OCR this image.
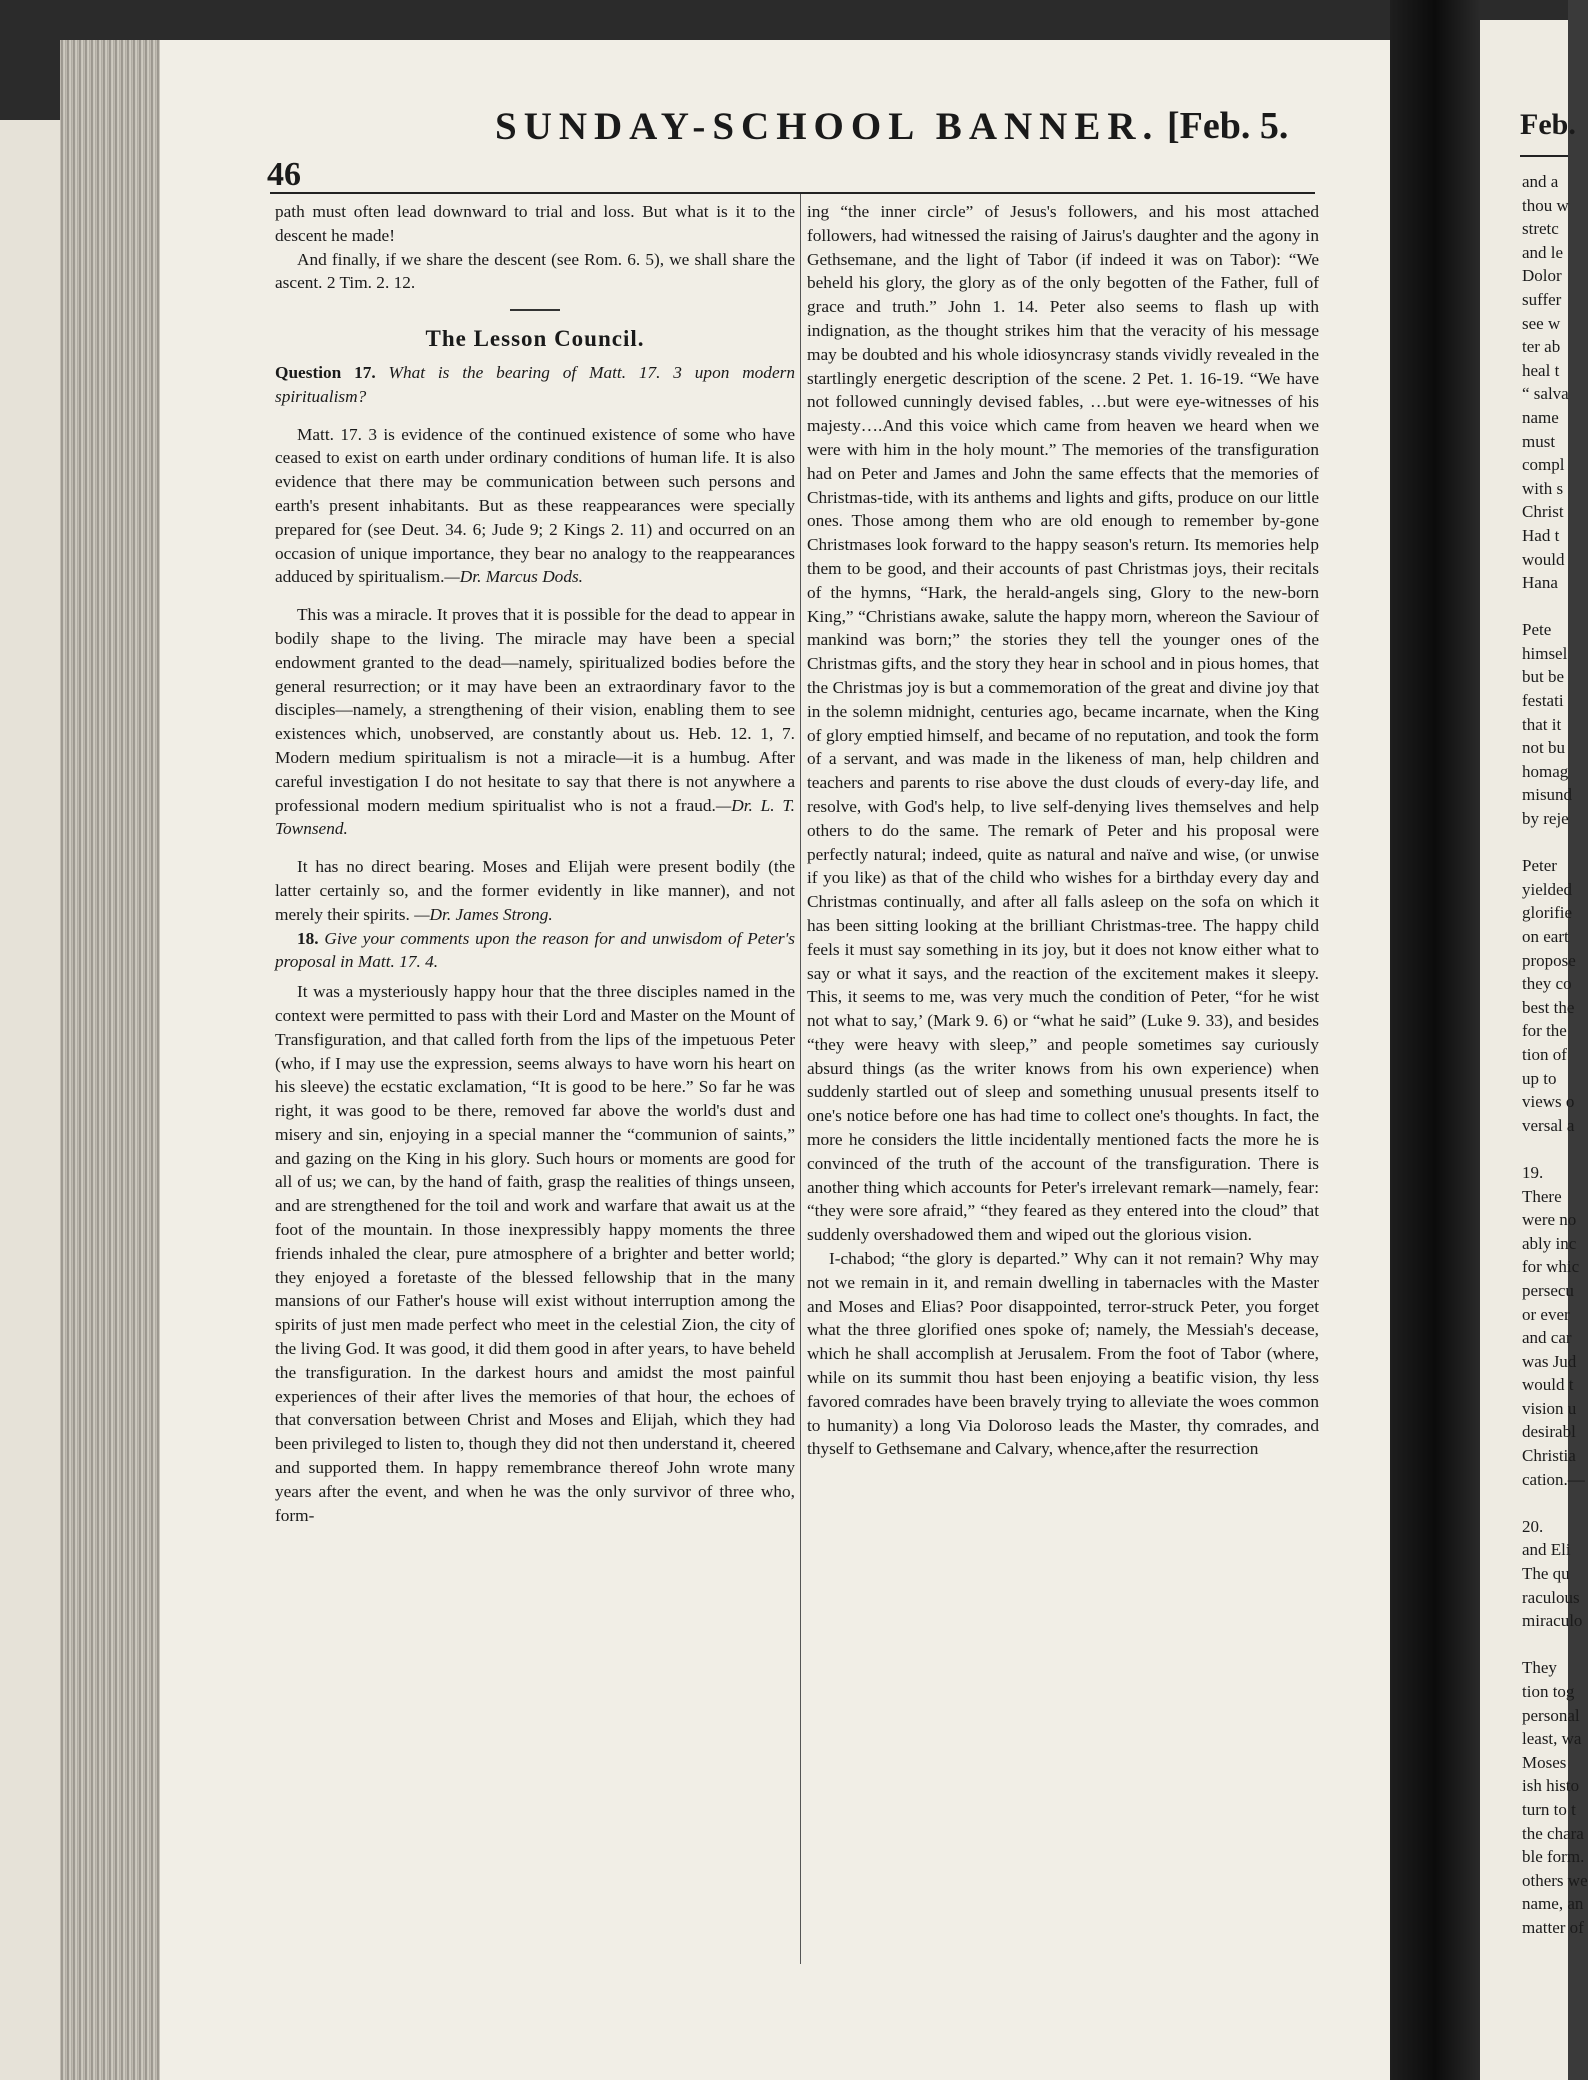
46
SUNDAY-SCHOOL BANNER. [Feb. 5.

path must often lead downward to trial and loss. But what is it to the descent he made!

And finally, if we share the descent (see Rom. 6. 5), we shall share the ascent. 2 Tim. 2. 12.

The Lesson Council.

Question 17. What is the bearing of Matt. 17. 3 upon modern spiritualism?

Matt. 17. 3 is evidence of the continued existence of some who have ceased to exist on earth under ordinary conditions of human life. It is also evidence that there may be communication between such persons and earth's present inhabitants. But as these reappearances were specially prepared for (see Deut. 34. 6; Jude 9; 2 Kings 2. 11) and occurred on an occasion of unique importance, they bear no analogy to the reappearances adduced by spiritualism.—Dr. Marcus Dods.

This was a miracle. It proves that it is possible for the dead to appear in bodily shape to the living. The miracle may have been a special endowment granted to the dead—namely, spiritualized bodies before the general resurrection; or it may have been an extraordinary favor to the disciples—namely, a strengthening of their vision, enabling them to see existences which, unobserved, are constantly about us. Heb. 12. 1, 7. Modern medium spiritualism is not a miracle—it is a humbug. After careful investigation I do not hesitate to say that there is not anywhere a professional modern medium spiritualist who is not a fraud.—Dr. L. T. Townsend.

It has no direct bearing. Moses and Elijah were present bodily (the latter certainly so, and the former evidently in like manner), and not merely their spirits. —Dr. James Strong.

18. Give your comments upon the reason for and unwisdom of Peter's proposal in Matt. 17. 4.

It was a mysteriously happy hour that the three disciples named in the context were permitted to pass with their Lord and Master on the Mount of Transfiguration, and that called forth from the lips of the impetuous Peter (who, if I may use the expression, seems always to have worn his heart on his sleeve) the ecstatic exclamation, “It is good to be here.” So far he was right, it was good to be there, removed far above the world's dust and misery and sin, enjoying in a special manner the “communion of saints,” and gazing on the King in his glory. Such hours or moments are good for all of us; we can, by the hand of faith, grasp the realities of things unseen, and are strengthened for the toil and work and warfare that await us at the foot of the mountain. In those inexpressibly happy moments the three friends inhaled the clear, pure atmosphere of a brighter and better world; they enjoyed a foretaste of the blessed fellowship that in the many mansions of our Father's house will exist without interruption among the spirits of just men made perfect who meet in the celestial Zion, the city of the living God. It was good, it did them good in after years, to have beheld the transfiguration. In the darkest hours and amidst the most painful experiences of their after lives the memories of that hour, the echoes of that conversation between Christ and Moses and Elijah, which they had been privileged to listen to, though they did not then understand it, cheered and supported them. In happy remembrance thereof John wrote many years after the event, and when he was the only survivor of three who, form-

ing “the inner circle” of Jesus's followers, and his most attached followers, had witnessed the raising of Jairus's daughter and the agony in Gethsemane, and the light of Tabor (if indeed it was on Tabor): “We beheld his glory, the glory as of the only begotten of the Father, full of grace and truth.” John 1. 14. Peter also seems to flash up with indignation, as the thought strikes him that the veracity of his message may be doubted and his whole idiosyncrasy stands vividly revealed in the startlingly energetic description of the scene. 2 Pet. 1. 16-19. “We have not followed cunningly devised fables, …but were eye-witnesses of his majesty….And this voice which came from heaven we heard when we were with him in the holy mount.” The memories of the transfiguration had on Peter and James and John the same effects that the memories of Christmas-tide, with its anthems and lights and gifts, produce on our little ones. Those among them who are old enough to remember by-gone Christmases look forward to the happy season's return. Its memories help them to be good, and their accounts of past Christmas joys, their recitals of the hymns, “Hark, the herald-angels sing, Glory to the new-born King,” “Christians awake, salute the happy morn, whereon the Saviour of mankind was born;” the stories they tell the younger ones of the Christmas gifts, and the story they hear in school and in pious homes, that the Christmas joy is but a commemoration of the great and divine joy that in the solemn midnight, centuries ago, became incarnate, when the King of glory emptied himself, and became of no reputation, and took the form of a servant, and was made in the likeness of man, help children and teachers and parents to rise above the dust clouds of every-day life, and resolve, with God's help, to live self-denying lives themselves and help others to do the same. The remark of Peter and his proposal were perfectly natural; indeed, quite as natural and naïve and wise, (or unwise if you like) as that of the child who wishes for a birthday every day and Christmas continually, and after all falls asleep on the sofa on which it has been sitting looking at the brilliant Christmas-tree. The happy child feels it must say something in its joy, but it does not know either what to say or what it says, and the reaction of the excitement makes it sleepy. This, it seems to me, was very much the condition of Peter, “for he wist not what to say,’ (Mark 9. 6) or “what he said” (Luke 9. 33), and besides “they were heavy with sleep,” and people sometimes say curiously absurd things (as the writer knows from his own experience) when suddenly startled out of sleep and something unusual presents itself to one's notice before one has had time to collect one's thoughts. In fact, the more he considers the little incidentally mentioned facts the more he is convinced of the truth of the account of the transfiguration. There is another thing which accounts for Peter's irrelevant remark—namely, fear: “they were sore afraid,” “they feared as they entered into the cloud” that suddenly overshadowed them and wiped out the glorious vision.

I-chabod; “the glory is departed.” Why can it not remain? Why may not we remain in it, and remain dwelling in tabernacles with the Master and Moses and Elias? Poor disappointed, terror-struck Peter, you forget what the three glorified ones spoke of; namely, the Messiah's decease, which he shall accomplish at Jerusalem. From the foot of Tabor (where, while on its summit thou hast been enjoying a beatific vision, thy less favored comrades have been bravely trying to alleviate the woes common to humanity) a long Via Doloroso leads the Master, thy comrades, and thyself to Gethsemane and Calvary, whence,after the resurrection

Feb.
and a
thou w
stretc
and le
Dolor
suffer
see w
ter ab
heal t
“ salva
name
must
compl
with s
Christ
Had t
would
Hana

Pete
himsel
but be
festati
that it
not bu
homag
misund
by reje

Peter
yielded
glorifie
on eart
propose
they co
best the
for the
tion of
up to
views o
versal a

19.
There
were no
ably inc
for whic
persecu
or ever
and car
was Jud
would t
vision u
desirabl
Christia
cation.—

20.
and Eli
The qu
raculous
miraculo

They
tion tog
personal
least, wa
Moses
ish histo
turn to t
the chara
ble form.
others we
name, an
matter of
